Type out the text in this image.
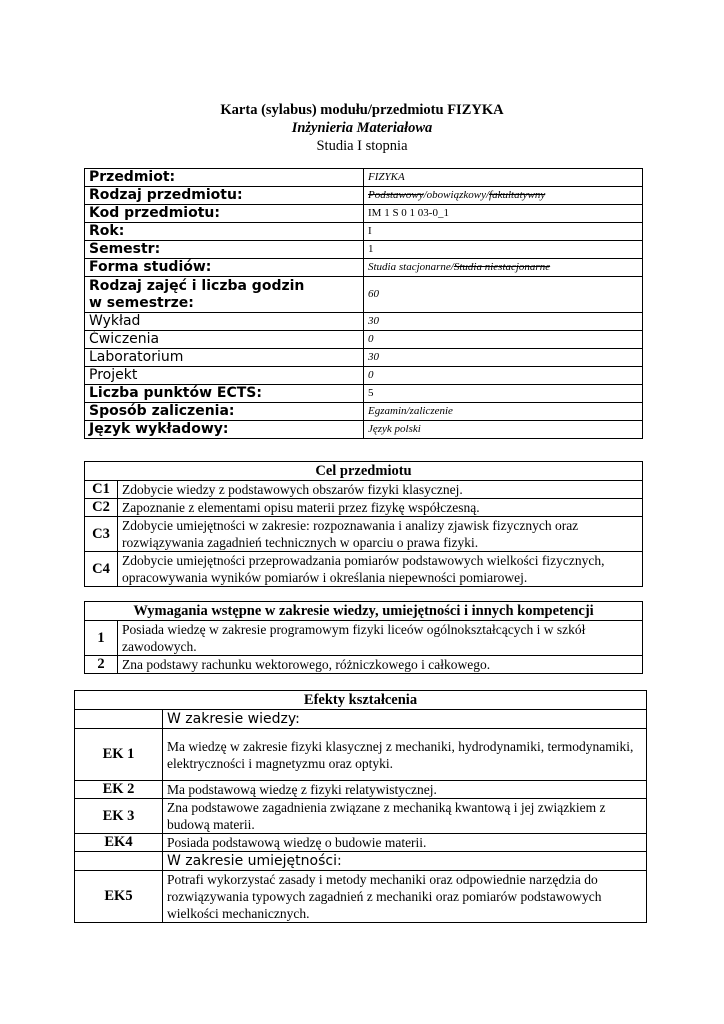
Karta (sylabus) modułu/przedmiotu FIZYKA
Inżynieria Materiałowa
Studia I stopnia
Przedmiot:	FIZYKA
Rodzaj przedmiotu:	Podstawowy/obowiązkowy/fakultatywny
Kod przedmiotu:	IM 1 S 0 1 03-0_1
Rok:	I
Semestr:	1
Forma studiów:	Studia stacjonarne/Studia niestacjonarne
Rodzaj zajęć i liczba godzin
w semestrze:	60
Wykład	30
Ćwiczenia	0
Laboratorium	30
Projekt	0
Liczba punktów ECTS:	5
Sposób zaliczenia:	Egzamin/zaliczenie
Język wykładowy:	Język polski
Cel przedmiotu	
C1	Zdobycie wiedzy z podstawowych obszarów fizyki klasycznej.
C2	Zapoznanie z elementami opisu materii przez fizykę współczesną.
C3	Zdobycie umiejętności w zakresie: rozpoznawania i analizy zjawisk fizycznych oraz rozwiązywania zagadnień technicznych w oparciu o prawa fizyki.
C4	Zdobycie umiejętności przeprowadzania pomiarów podstawowych wielkości fizycznych, opracowywania wyników pomiarów i określania niepewności pomiarowej.
Wymagania wstępne w zakresie wiedzy, umiejętności i innych kompetencji	
1	Posiada wiedzę w zakresie programowym fizyki liceów ogólnokształcących i w szkół zawodowych.
2	Zna podstawy rachunku wektorowego, różniczkowego i całkowego.
Efekty kształcenia	
	W zakresie wiedzy:
EK 1	Ma wiedzę w zakresie fizyki klasycznej z mechaniki, hydrodynamiki, termodynamiki, elektryczności i magnetyzmu oraz optyki.
EK 2	Ma podstawową wiedzę z fizyki relatywistycznej.
EK 3	Zna podstawowe zagadnienia związane z mechaniką kwantową i jej związkiem z budową materii.
EK4	Posiada podstawową wiedzę o budowie materii.
	W zakresie umiejętności:
EK5	Potrafi wykorzystać zasady i metody mechaniki oraz odpowiednie narzędzia do rozwiązywania typowych zagadnień z mechaniki oraz pomiarów podstawowych wielkości mechanicznych.
